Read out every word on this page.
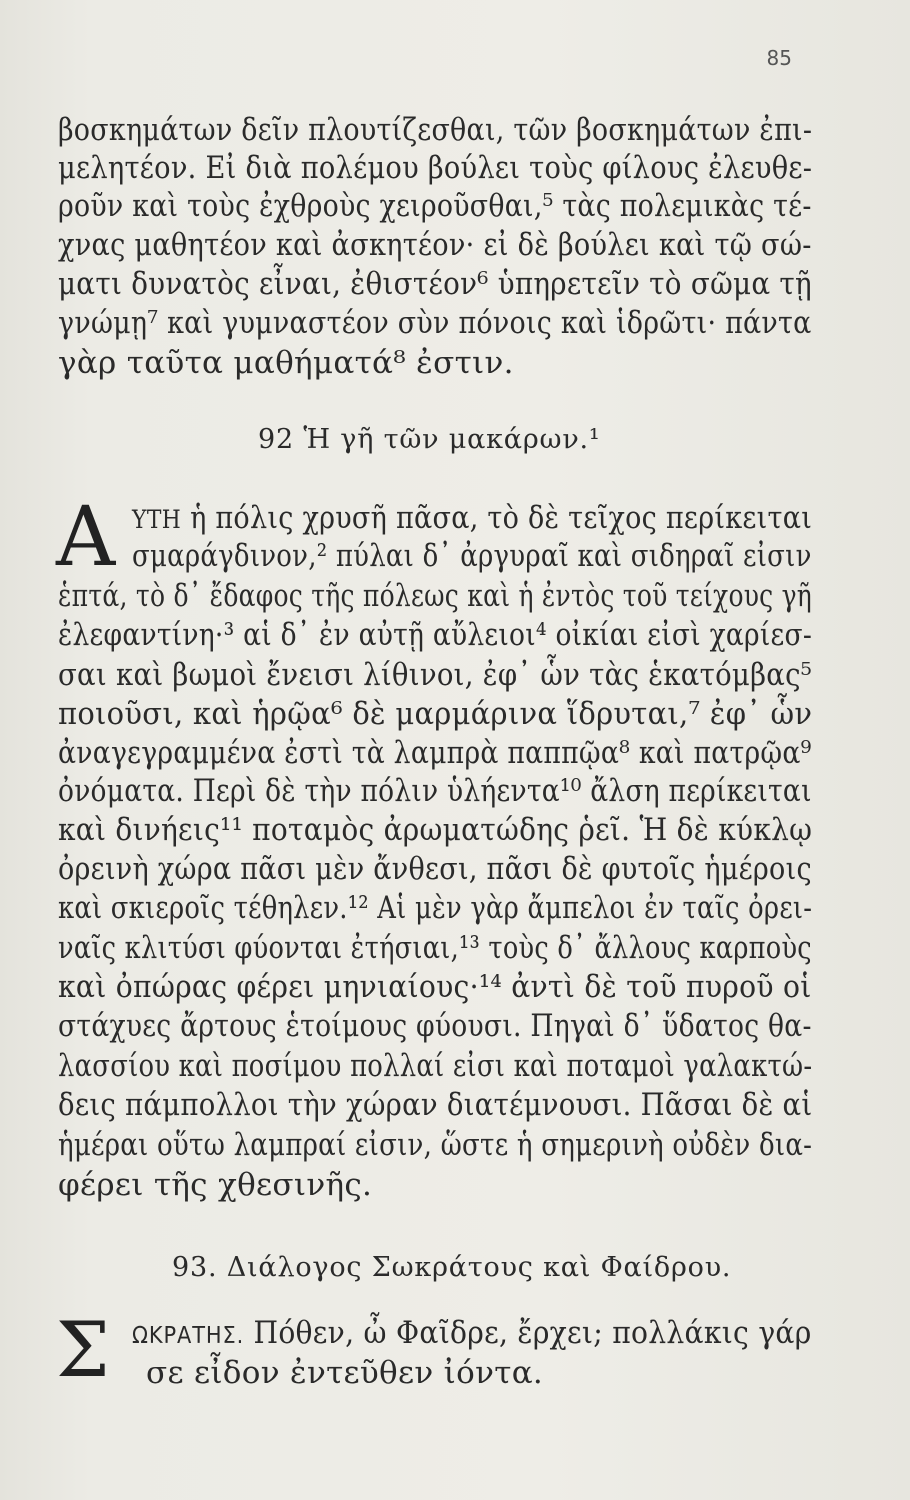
85
βοσκημάτων δεῖν πλουτίζεσθαι, τῶν βοσκημάτων ἐπι-
μελητέον. Εἰ διὰ πολέμου βούλει τοὺς φίλους ἐλευθε-
ροῦν καὶ τοὺς ἐχθροὺς χειροῦσθαι,⁵ τὰς πολεμικὰς τέ-
χνας μαθητέον καὶ ἀσκητέον· εἰ δὲ βούλει καὶ τῷ σώ-
ματι δυνατὸς εἶναι, ἐθιστέον⁶ ὑπηρετεῖν τὸ σῶμα τῇ
γνώμῃ⁷ καὶ γυμναστέον σὺν πόνοις καὶ ἱδρῶτι· πάντα
γὰρ ταῦτα μαθήματά⁸ ἐστιν.
92 Ἡ γῆ τῶν μακάρων.¹
Α ΥΤΗ ἡ πόλις χρυσῆ πᾶσα, τὸ δὲ τεῖχος περίκειται
σμαράγδινον,² πύλαι δ᾽ ἀργυραῖ καὶ σιδηραῖ εἰσιν
ἑπτά, τὸ δ᾽ ἔδαφος τῆς πόλεως καὶ ἡ ἐντὸς τοῦ τείχους γῆ
ἐλεφαντίνη·³ αἱ δ᾽ ἐν αὐτῇ αὔλειοι⁴ οἰκίαι εἰσὶ χαρίεσ-
σαι καὶ βωμοὶ ἔνεισι λίθινοι, ἐφ᾽ ὧν τὰς ἑκατόμβας⁵
ποιοῦσι, καὶ ἡρῷα⁶ δὲ μαρμάρινα ἵδρυται,⁷ ἐφ᾽ ὧν
ἀναγεγραμμένα ἐστὶ τὰ λαμπρὰ παππῷα⁸ καὶ πατρῷα⁹
ὀνόματα. Περὶ δὲ τὴν πόλιν ὑλήεντα¹⁰ ἄλση περίκειται
καὶ δινήεις¹¹ ποταμὸς ἀρωματώδης ῥεῖ. Ἡ δὲ κύκλῳ
ὀρεινὴ χώρα πᾶσι μὲν ἄνθεσι, πᾶσι δὲ φυτοῖς ἡμέροις
καὶ σκιεροῖς τέθηλεν.¹² Αἱ μὲν γὰρ ἄμπελοι ἐν ταῖς ὀρει-
ναῖς κλιτύσι φύονται ἐτήσιαι,¹³ τοὺς δ᾽ ἄλλους καρποὺς
καὶ ὀπώρας φέρει μηνιαίους·¹⁴ ἀντὶ δὲ τοῦ πυροῦ οἱ
στάχυες ἄρτους ἑτοίμους φύουσι. Πηγαὶ δ᾽ ὕδατος θα-
λασσίου καὶ ποσίμου πολλαί εἰσι καὶ ποταμοὶ γαλακτώ-
δεις πάμπολλοι τὴν χώραν διατέμνουσι. Πᾶσαι δὲ αἱ
ἡμέραι οὕτω λαμπραί εἰσιν, ὥστε ἡ σημερινὴ οὐδὲν δια-
φέρει τῆς χθεσινῆς.
93. Διάλογος Σωκράτους καὶ Φαίδρου.
Σ ΩΚΡΑΤΗΣ. Πόθεν, ὦ Φαῖδρε, ἔρχει; πολλάκις γάρ
σε εἶδον ἐντεῦθεν ἰόντα.
